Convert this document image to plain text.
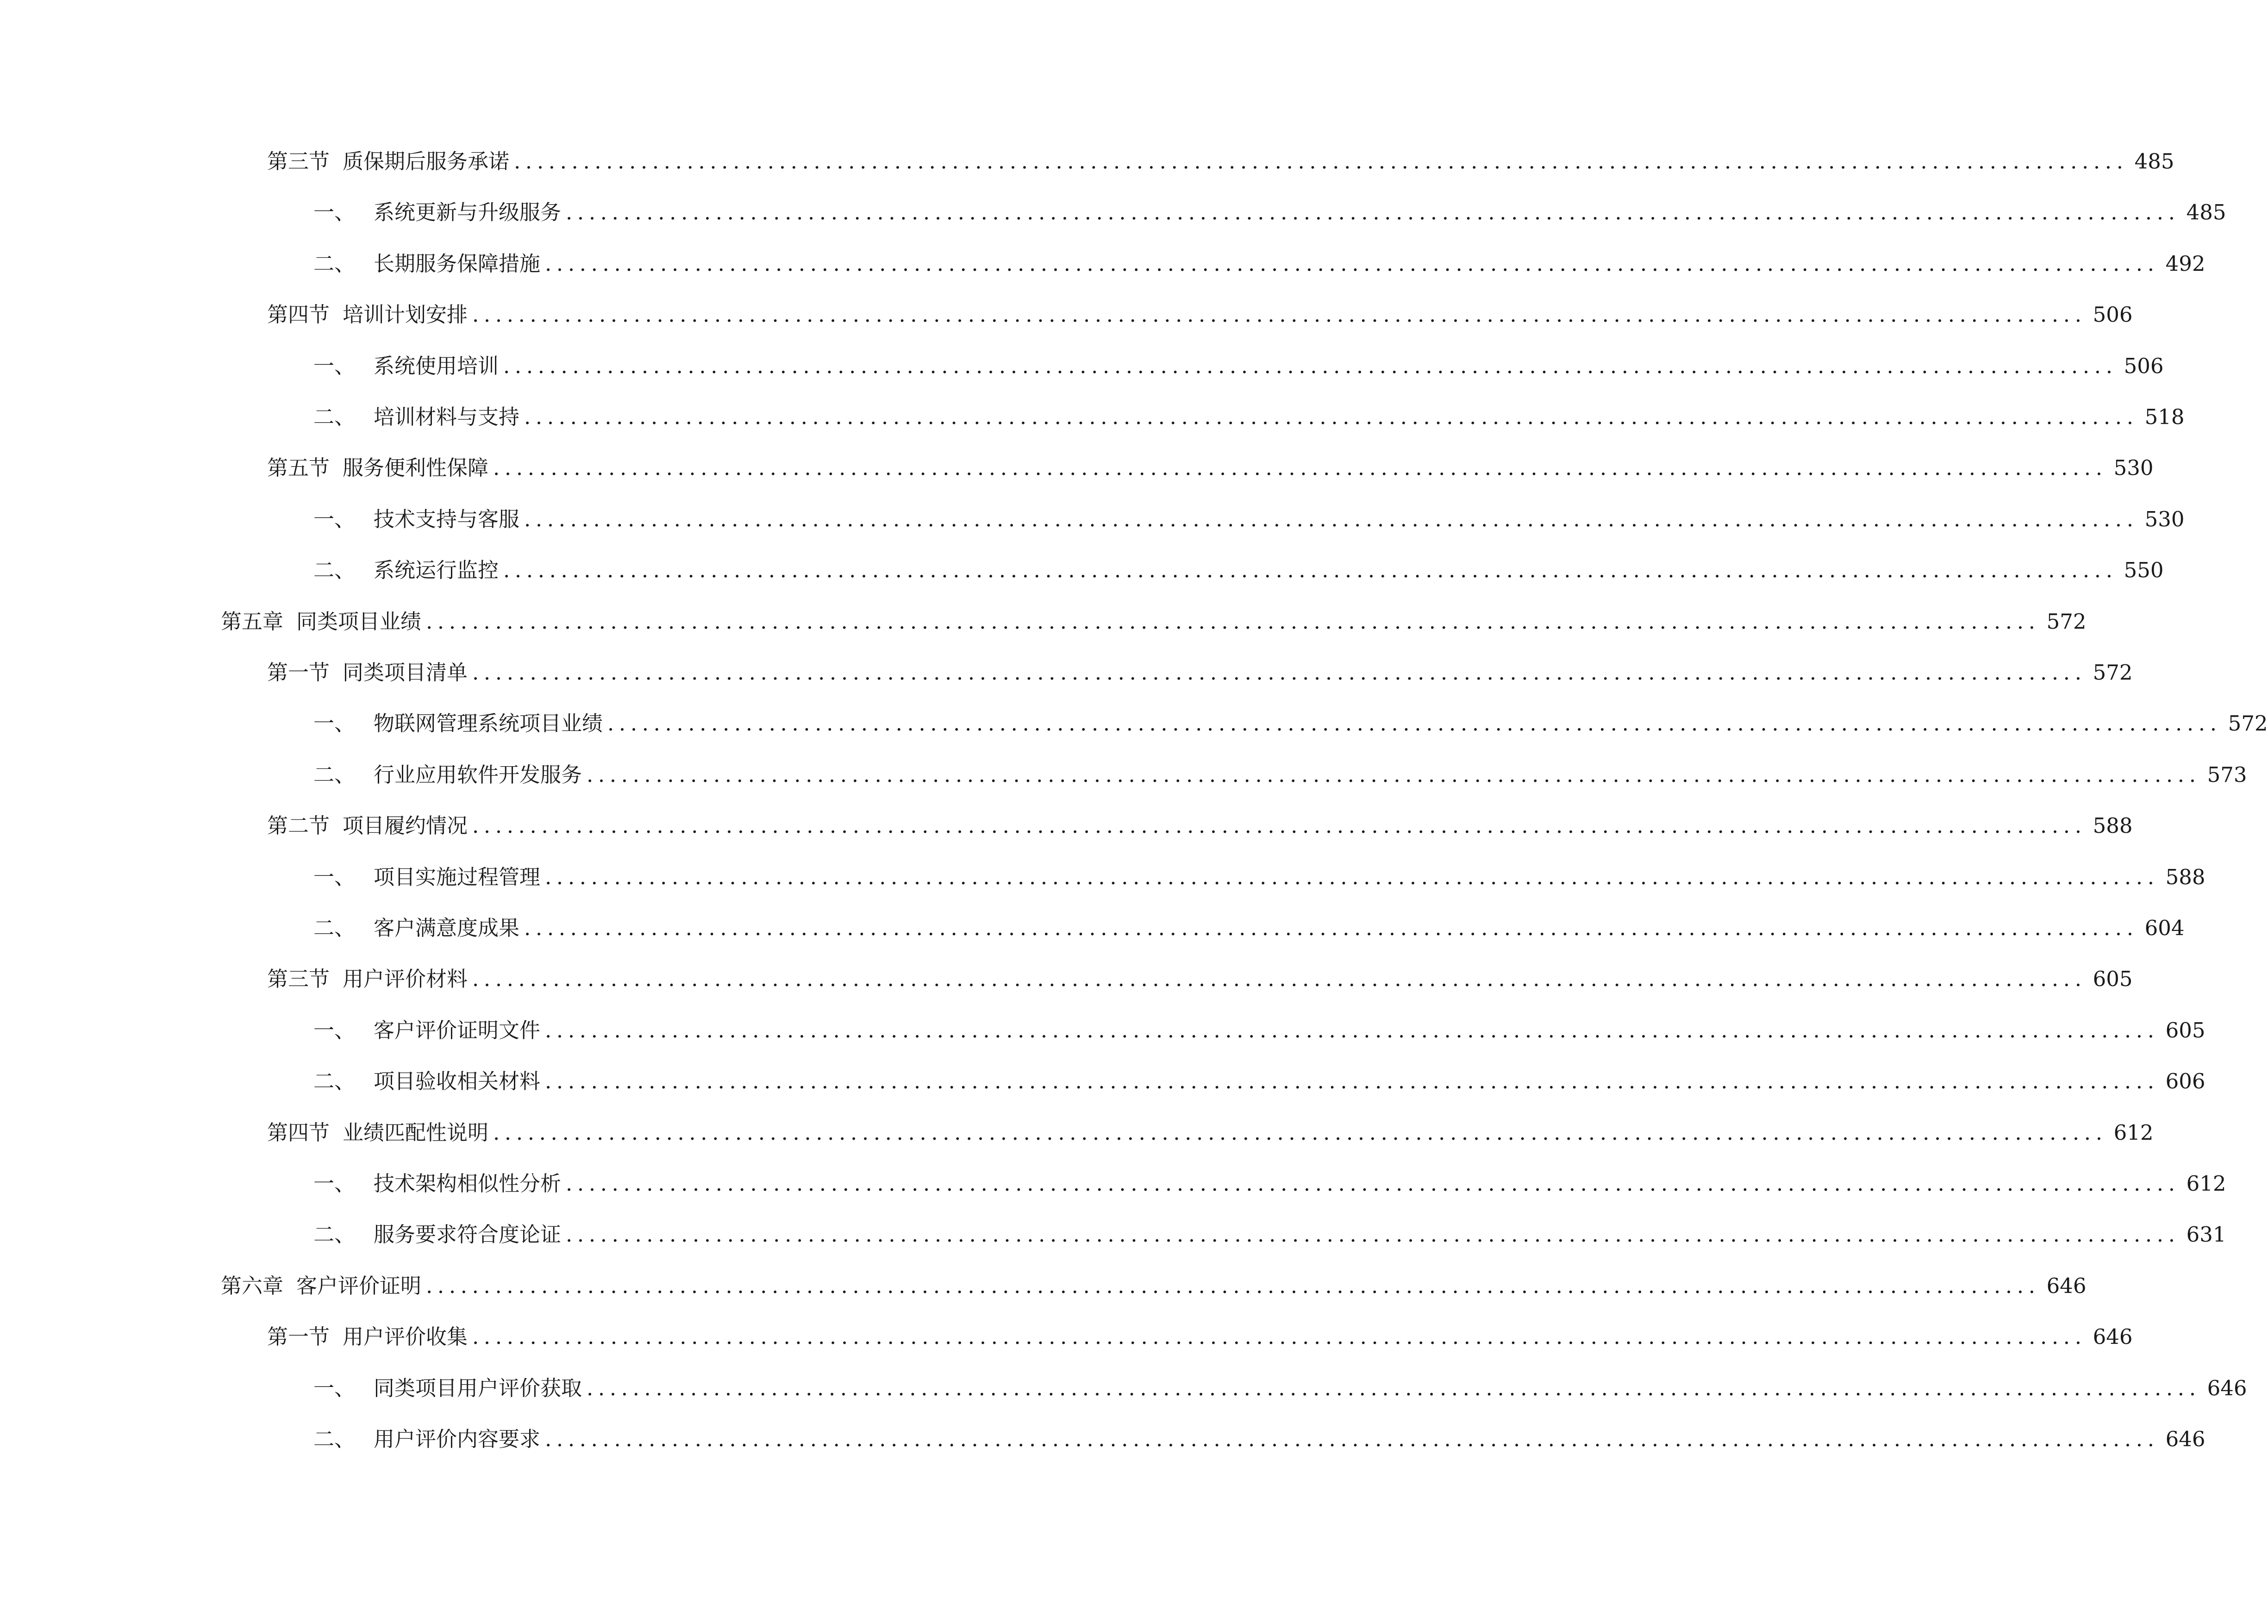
第三节 质保期后服务承诺 ............................................................................................................................................ 485
一、 系统更新与升级服务 ............................................................................................................................................ 485
二、 长期服务保障措施 ............................................................................................................................................ 492
第四节 培训计划安排 ............................................................................................................................................ 506
一、 系统使用培训 ............................................................................................................................................ 506
二、 培训材料与支持 ............................................................................................................................................ 518
第五节 服务便利性保障 ............................................................................................................................................ 530
一、 技术支持与客服 ............................................................................................................................................ 530
二、 系统运行监控 ............................................................................................................................................ 550
第五章 同类项目业绩 ............................................................................................................................................ 572
第一节 同类项目清单 ............................................................................................................................................ 572
一、 物联网管理系统项目业绩 ............................................................................................................................................ 572
二、 行业应用软件开发服务 ............................................................................................................................................ 573
第二节 项目履约情况 ............................................................................................................................................ 588
一、 项目实施过程管理 ............................................................................................................................................ 588
二、 客户满意度成果 ............................................................................................................................................ 604
第三节 用户评价材料 ............................................................................................................................................ 605
一、 客户评价证明文件 ............................................................................................................................................ 605
二、 项目验收相关材料 ............................................................................................................................................ 606
第四节 业绩匹配性说明 ............................................................................................................................................ 612
一、 技术架构相似性分析 ............................................................................................................................................ 612
二、 服务要求符合度论证 ............................................................................................................................................ 631
第六章 客户评价证明 ............................................................................................................................................ 646
第一节 用户评价收集 ............................................................................................................................................ 646
一、 同类项目用户评价获取 ............................................................................................................................................ 646
二、 用户评价内容要求 ............................................................................................................................................ 646
